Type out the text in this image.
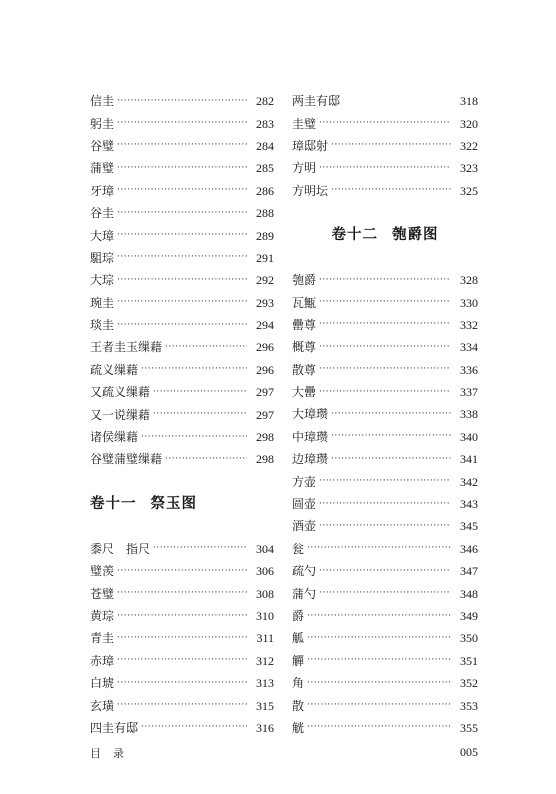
信圭 ·····	282
躬圭 ·····	283
谷璧 ·····	284
蒲璧 ·····	285
牙璋 ·····	286
谷圭 ·····	288
大璋 ·····	289
駔琮 ·····	291
大琮 ·····	292
琬圭 ·····	293
琰圭 ·····	294
王者圭玉缫藉 ·····	296
疏义缫藉 ·····	296
又疏义缫藉 ·····	297
又一说缫藉 ·····	297
诸侯缫藉 ·····	298
谷璧蒲璧缫藉 ·····	298
卷十一 祭玉图
黍尺　指尺 ·····	304
璧羡 ·····	306
苍璧 ·····	308
黄琮 ·····	310
青圭 ·····	311
赤璋 ·····	312
白琥 ·····	313
玄璜 ·····	315
四圭有邸 ·····	316
两圭有邸	318
圭璧 ·····	320
璋邸射 ·····	322
方明 ·····	323
方明坛 ·····	325
卷十二 匏爵图
匏爵 ·····	328
瓦甒 ·····	330
罍尊 ·····	332
概尊 ·····	334
散尊 ·····	336
大罍 ·····	337
大璋瓒 ·····	338
中璋瓒 ·····	340
边璋瓒 ·····	341
方壶 ·····	342
圆壶 ·····	343
酒壶 ·····	345
瓮 ·····	346
疏勺 ·····	347
蒲勺 ·····	348
爵 ·····	349
觚 ·····	350
觶 ·····	351
角 ·····	352
散 ·····	353
觥 ·····	355
目录	005
